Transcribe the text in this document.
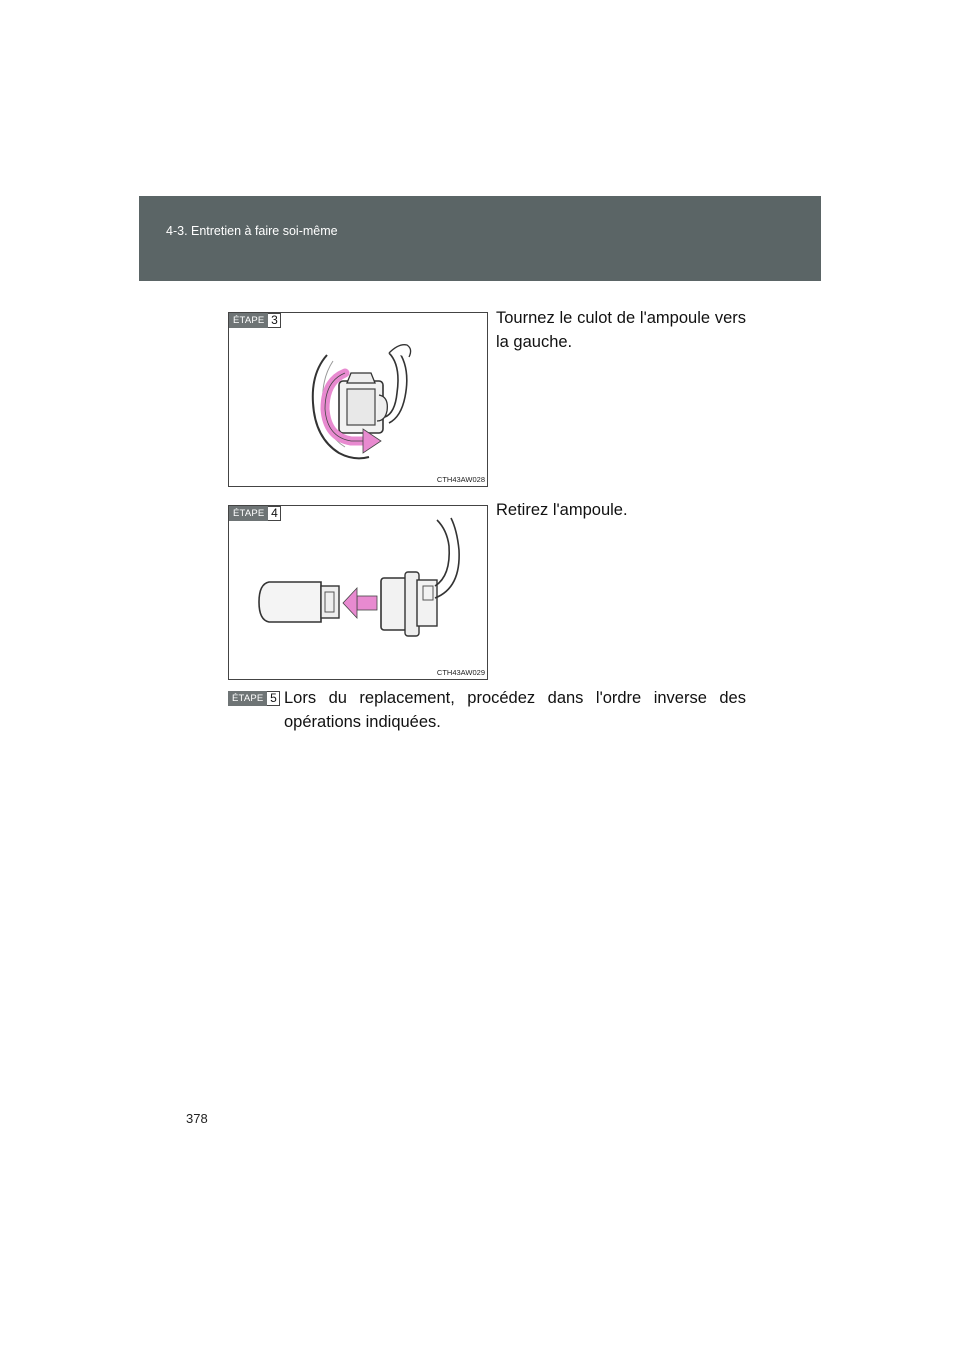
4-3. Entretien à faire soi-même
ÉTAPE 3
CTH43AW028
Tournez le culot de l'ampoule vers la gauche.
ÉTAPE 4
CTH43AW029
Retirez l'ampoule.
ÉTAPE 5 Lors du replacement, procédez dans l'ordre inverse des opérations indiquées.
378
